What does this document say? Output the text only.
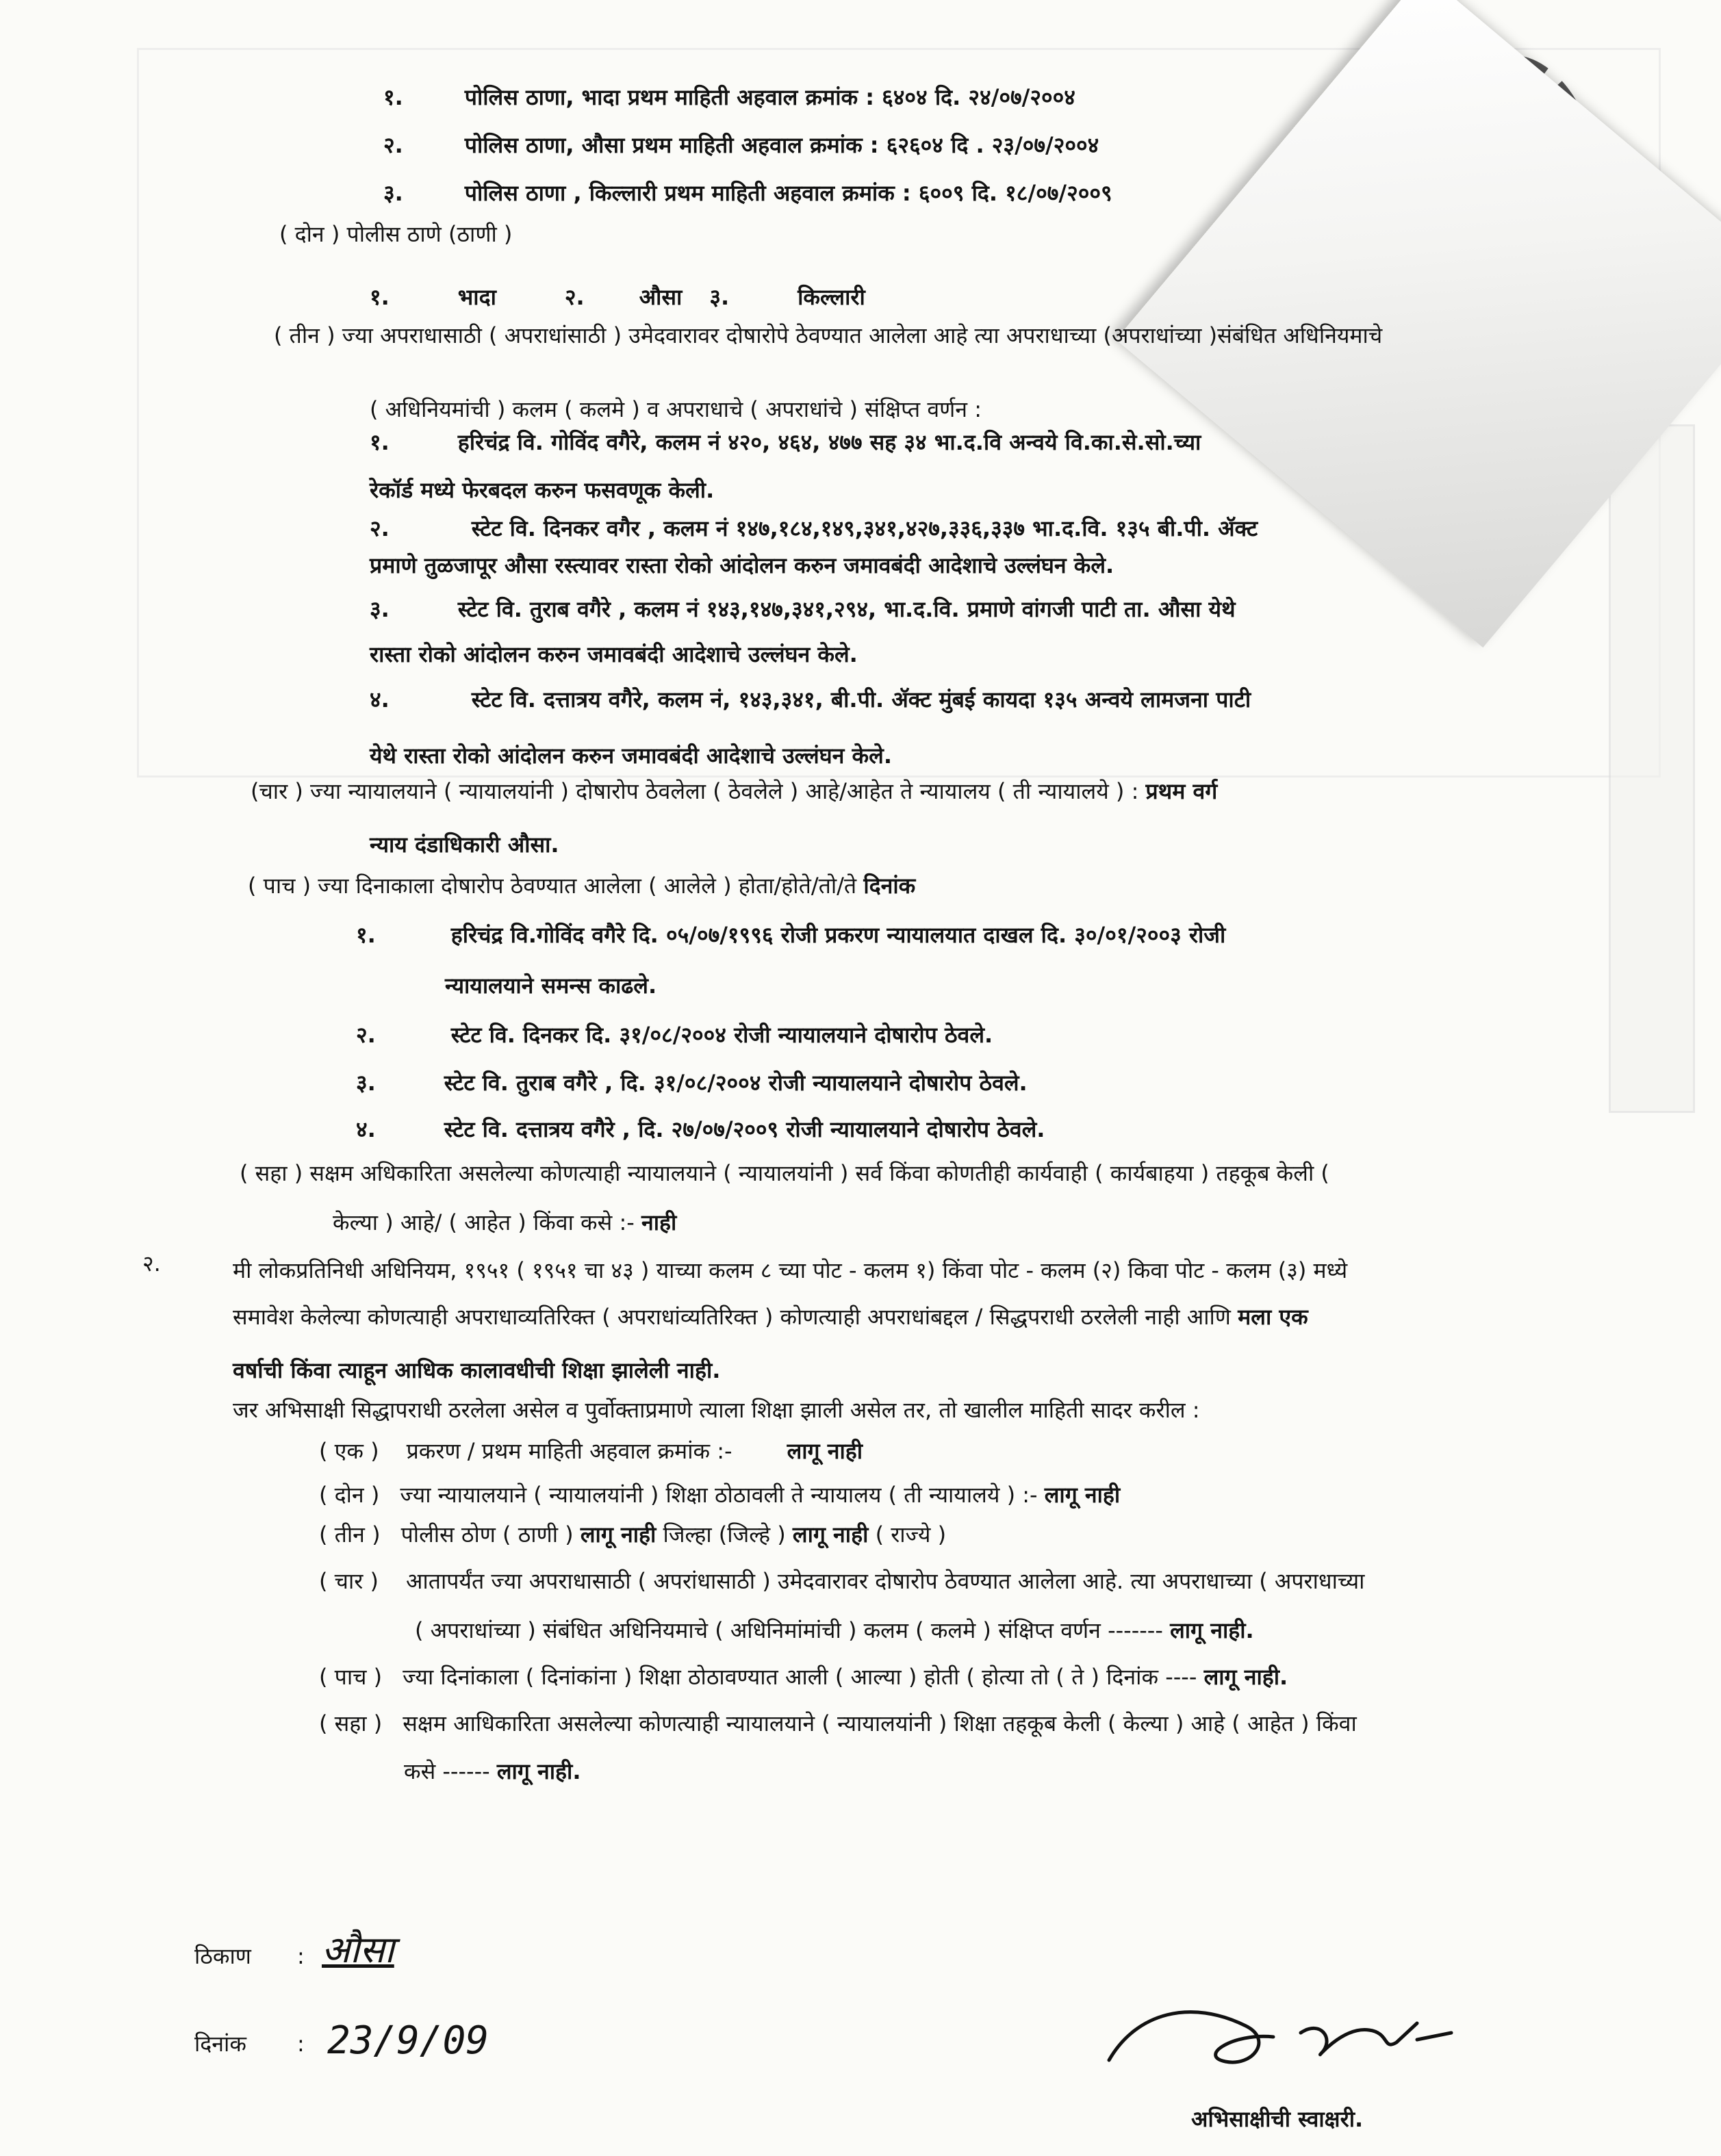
१.	पोलिस ठाणा, भादा प्रथम माहिती अहवाल क्रमांक : ६४०४ दि. २४/०७/२००४
२.	पोलिस ठाणा, औसा प्रथम माहिती अहवाल क्रमांक : ६२६०४ दि . २३/०७/२००४
३.	पोलिस ठाणा , किल्लारी प्रथम माहिती अहवाल क्रमांक : ६००९ दि. १८/०७/२००९
( दोन ) पोलीस ठाणे (ठाणी )
१.	भादा	२.	औसा ३.	किल्लारी
( तीन ) ज्या अपराधासाठी ( अपराधांसाठी ) उमेदवारावर दोषारोपे ठेवण्यात आलेला आहे त्या अपराधाच्या (अपराधांच्या )संबंधित अधिनियमाचे
( अधिनियमांची ) कलम ( कलमे ) व अपराधाचे ( अपराधांचे ) संक्षिप्त वर्णन :
१.	हरिचंद्र वि. गोविंद वगैरे, कलम नं ४२०, ४६४, ४७७ सह ३४ भा.द.वि अन्वये वि.का.से.सो.च्या
रेकॉर्ड मध्ये फेरबदल करुन फसवणूक केली.
२.	स्टेट वि. दिनकर वगैर , कलम नं १४७,१८४,१४९,३४१,४२७,३३६,३३७ भा.द.वि. १३५ बी.पी. ॲक्ट
प्रमाणे तुळजापूर औसा रस्त्यावर रास्ता रोको आंदोलन करुन जमावबंदी आदेशाचे उल्लंघन केले.
३.	स्टेट वि. तुराब वगैरे , कलम नं १४३,१४७,३४१,२९४, भा.द.वि. प्रमाणे वांगजी पाटी ता. औसा येथे
रास्ता रोको आंदोलन करुन जमावबंदी आदेशाचे उल्लंघन केले.
४.	स्टेट वि. दत्तात्रय वगैरे, कलम नं, १४३,३४१, बी.पी. ॲक्ट मुंबई कायदा १३५ अन्वये लामजना पाटी
येथे रास्ता रोको आंदोलन करुन जमावबंदी आदेशाचे उल्लंघन केले.
(चार ) ज्या न्यायालयाने ( न्यायालयांनी ) दोषारोप ठेवलेला ( ठेवलेले ) आहे/आहेत ते न्यायालय ( ती न्यायालये ) : प्रथम वर्ग
न्याय दंडाधिकारी औसा.
( पाच ) ज्या दिनाकाला दोषारोप ठेवण्यात आलेला ( आलेले ) होता/होते/तो/ते दिनांक
१.	हरिचंद्र वि.गोविंद वगैरे दि. ०५/०७/१९९६ रोजी प्रकरण न्यायालयात दाखल दि. ३०/०१/२००३ रोजी
न्यायालयाने समन्स काढले.
२.	स्टेट वि. दिनकर दि. ३१/०८/२००४ रोजी न्यायालयाने दोषारोप ठेवले.
३.	स्टेट वि. तुराब वगैरे , दि. ३१/०८/२००४ रोजी न्यायालयाने दोषारोप ठेवले.
४.	स्टेट वि. दत्तात्रय वगैरे , दि. २७/०७/२००९ रोजी न्यायालयाने दोषारोप ठेवले.
( सहा ) सक्षम अधिकारिता असलेल्या कोणत्याही न्यायालयाने ( न्यायालयांनी ) सर्व किंवा कोणतीही कार्यवाही ( कार्यबाहया ) तहकूब केली (
केल्या ) आहे/ ( आहेत ) किंवा कसे :- नाही
२.	मी लोकप्रतिनिधी अधिनियम, १९५१ ( १९५१ चा ४३ ) याच्या कलम ८ च्या पोट - कलम १) किंवा पोट - कलम (२) किवा पोट - कलम (३) मध्ये
समावेश केलेल्या कोणत्याही अपराधाव्यतिरिक्त ( अपराधांव्यतिरिक्त ) कोणत्याही अपराधांबद्दल / सिद्धपराधी ठरलेली नाही आणि मला एक
वर्षाची किंवा त्याहून आधिक कालावधीची शिक्षा झालेली नाही.
जर अभिसाक्षी सिद्धापराधी ठरलेला असेल व पुर्वोक्ताप्रमाणे त्याला शिक्षा झाली असेल तर, तो खालील माहिती सादर करील :
( एक ) प्रकरण / प्रथम माहिती अहवाल क्रमांक :-	लागू नाही
( दोन ) ज्या न्यायालयाने ( न्यायालयांनी ) शिक्षा ठोठावली ते न्यायालय ( ती न्यायालये ) :- लागू नाही
( तीन ) पोलीस ठोण ( ठाणी ) लागू नाही जिल्हा (जिल्हे ) लागू नाही ( राज्ये )
( चार ) आतापर्यंत ज्या अपराधासाठी ( अपरांधासाठी ) उमेदवारावर दोषारोप ठेवण्यात आलेला आहे. त्या अपराधाच्या ( अपराधाच्या
( अपराधांच्या ) संबंधित अधिनियमाचे ( अधिनिमांमांची ) कलम ( कलमे ) संक्षिप्त वर्णन ------- लागू नाही.
( पाच ) ज्या दिनांकाला ( दिनांकांना ) शिक्षा ठोठावण्यात आली ( आल्या ) होती ( होत्या तो ( ते ) दिनांक ---- लागू नाही.
( सहा ) सक्षम आधिकारिता असलेल्या कोणत्याही न्यायालयाने ( न्यायालयांनी ) शिक्षा तहकूब केली ( केल्या ) आहे ( आहेत ) किंवा
कसे ------ लागू नाही.
ठिकाण : औसा
दिनांक : 23/9/09
अभिसाक्षीची स्वाक्षरी.
